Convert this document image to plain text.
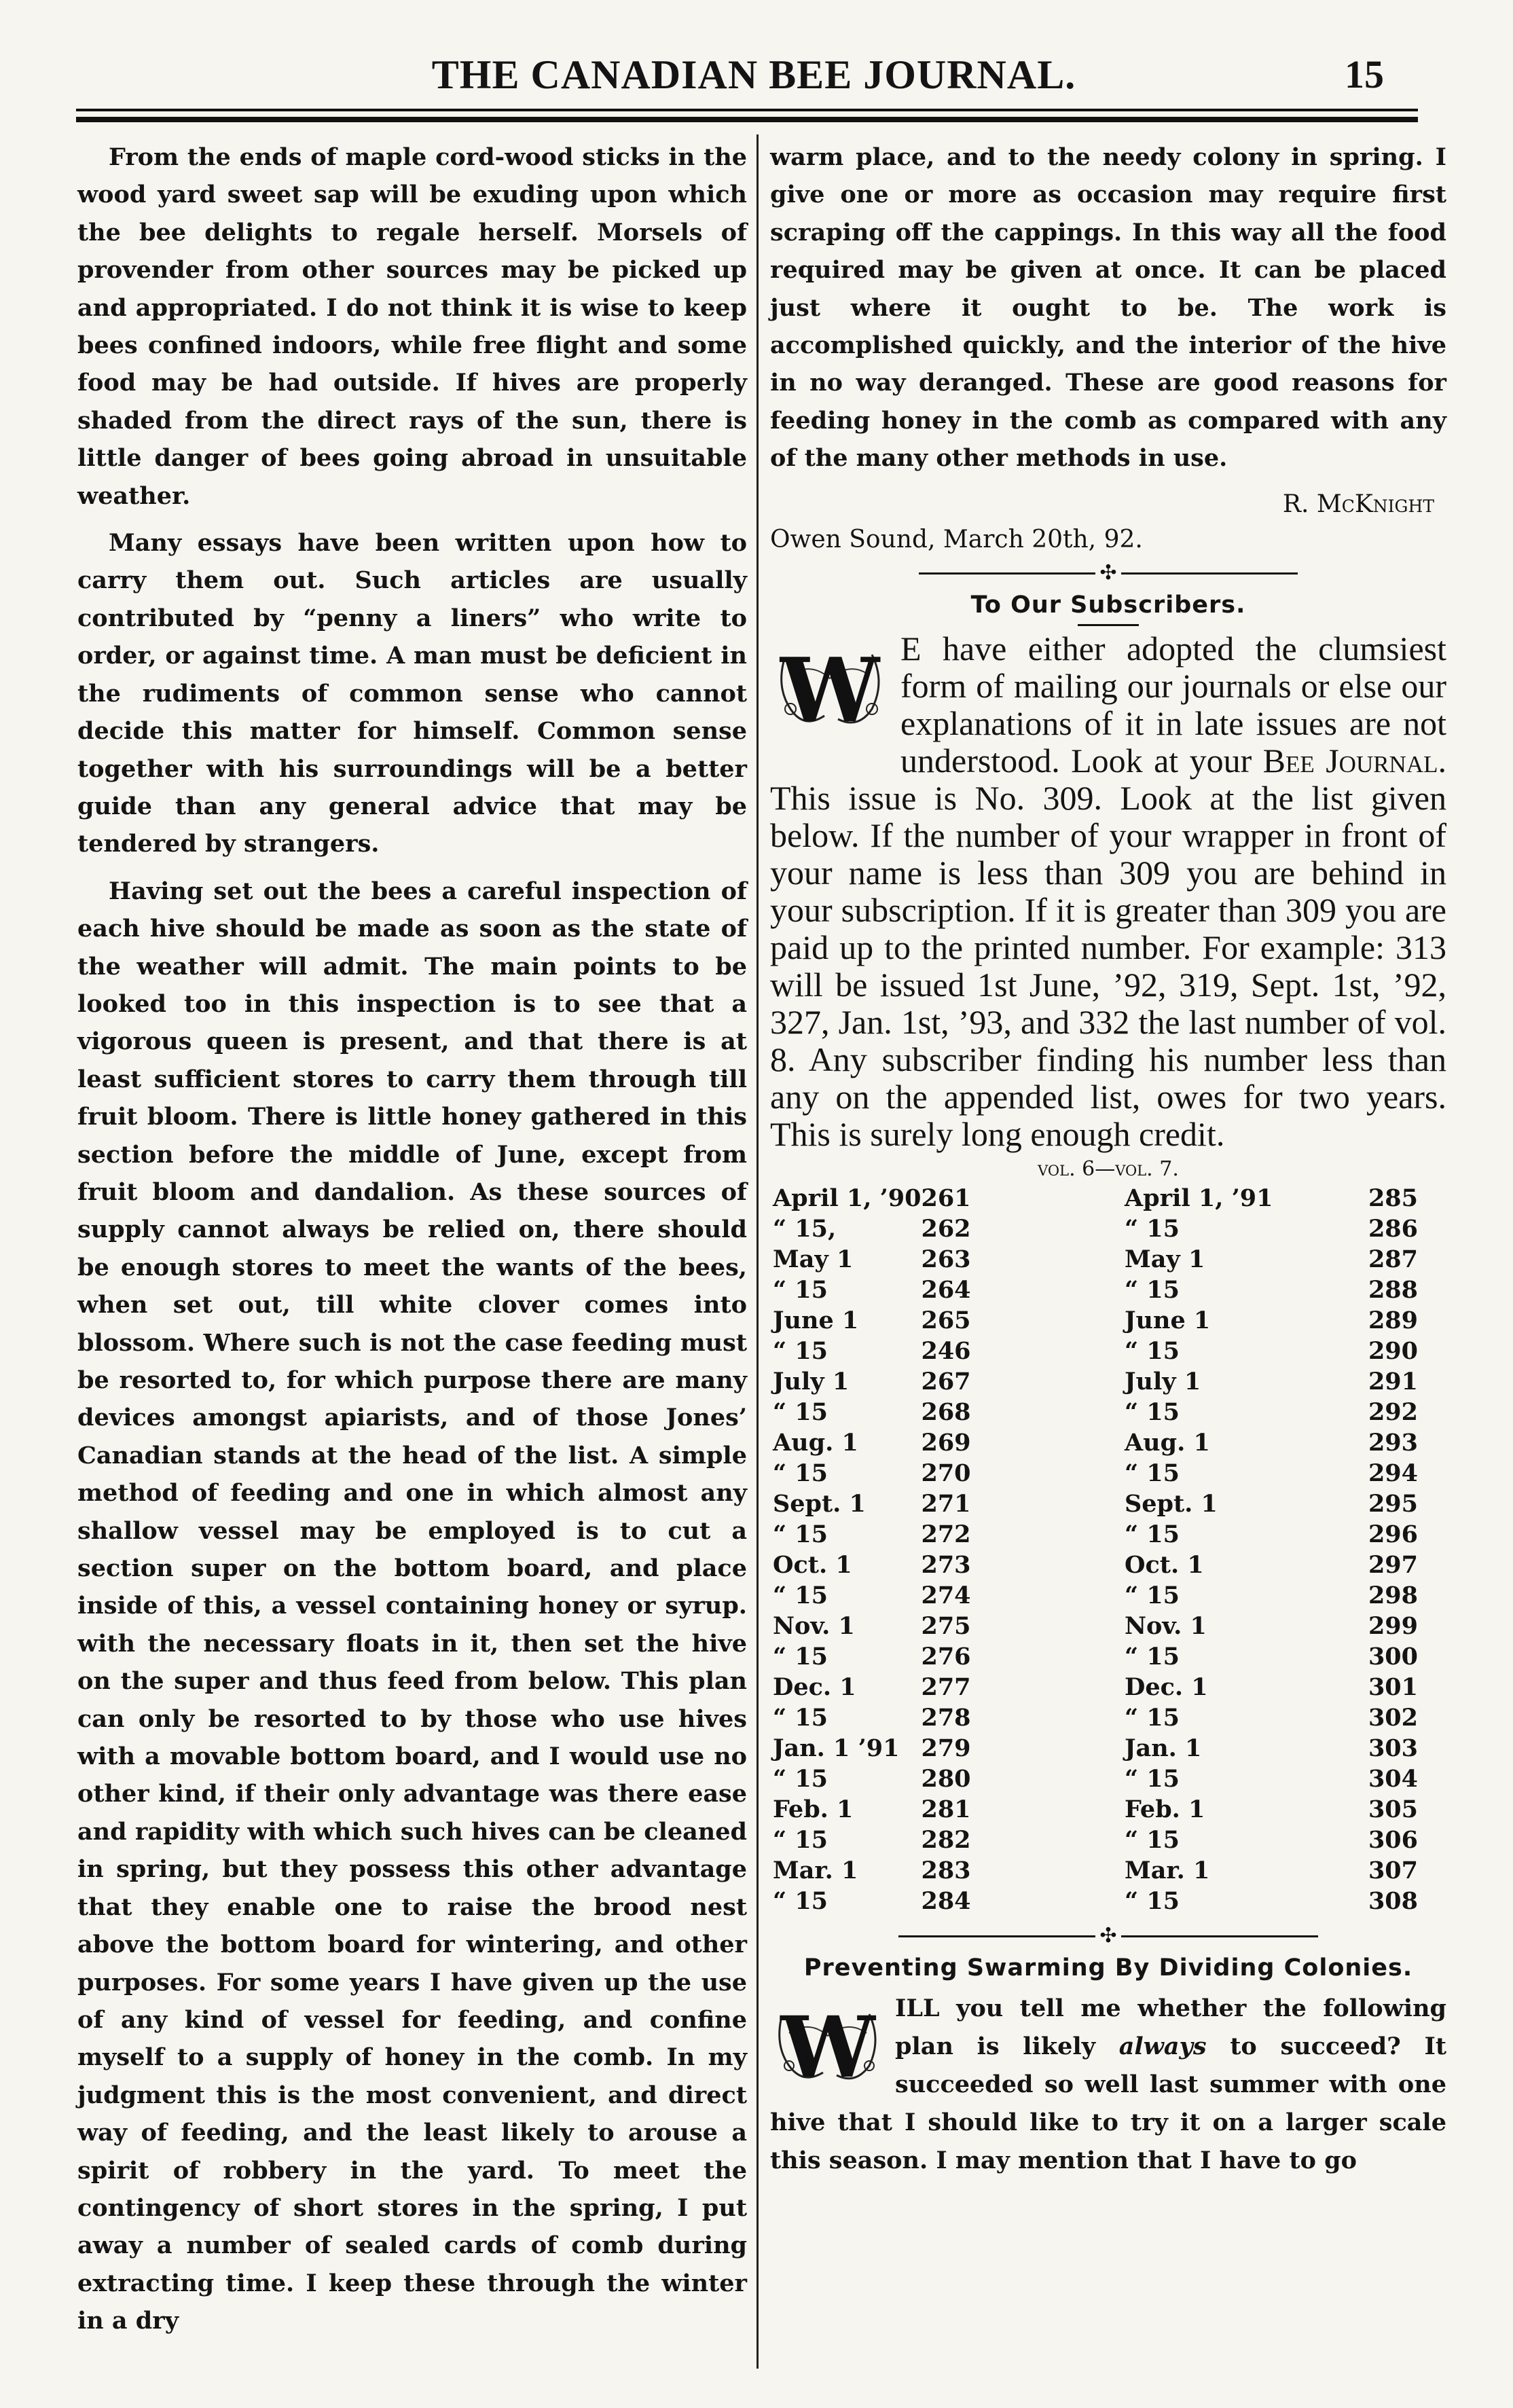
THE CANADIAN BEE JOURNAL.	15

From the ends of maple cord-wood sticks in the wood yard sweet sap will be exuding upon which the bee delights to regale herself. Morsels of provender from other sources may be picked up and appropriated. I do not think it is wise to keep bees confined indoors, while free flight and some food may be had outside. If hives are properly shaded from the direct rays of the sun, there is little danger of bees going abroad in unsuitable weather.

Many essays have been written upon how to carry them out. Such articles are usually contributed by “penny a liners” who write to order, or against time. A man must be deficient in the rudiments of common sense who cannot decide this matter for himself. Common sense together with his surroundings will be a better guide than any general advice that may be tendered by strangers.

Having set out the bees a careful inspection of each hive should be made as soon as the state of the weather will admit. The main points to be looked too in this inspection is to see that a vigorous queen is present, and that there is at least sufficient stores to carry them through till fruit bloom. There is little honey gathered in this section before the middle of June, except from fruit bloom and dandalion. As these sources of supply cannot always be relied on, there should be enough stores to meet the wants of the bees, when set out, till white clover comes into blossom. Where such is not the case feeding must be resorted to, for which purpose there are many devices amongst apiarists, and of those Jones’ Canadian stands at the head of the list. A simple method of feeding and one in which almost any shallow vessel may be employed is to cut a section super on the bottom board, and place inside of this, a vessel containing honey or syrup. with the necessary floats in it, then set the hive on the super and thus feed from below. This plan can only be resorted to by those who use hives with a movable bottom board, and I would use no other kind, if their only advantage was there ease and rapidity with which such hives can be cleaned in spring, but they possess this other advantage that they enable one to raise the brood nest above the bottom board for wintering, and other purposes. For some years I have given up the use of any kind of vessel for feeding, and confine myself to a supply of honey in the comb. In my judgment this is the most convenient, and direct way of feeding, and the least likely to arouse a spirit of robbery in the yard. To meet the contingency of short stores in the spring, I put away a number of sealed cards of comb during extracting time. I keep these through the winter in a dry

warm place, and to the needy colony in spring. I give one or more as occasion may require first scraping off the cappings. In this way all the food required may be given at once. It can be placed just where it ought to be. The work is accomplished quickly, and the interior of the hive in no way deranged. These are good reasons for feeding honey in the comb as compared with any of the many other methods in use.

R. McKnight

Owen Sound, March 20th, 92.

✣
To Our Subscribers.
W E have either adopted the clumsiest form of mailing our journals or else our explanations of it in late issues are not understood. Look at your Bee Journal. This issue is No. 309. Look at the list given below. If the number of your wrapper in front of your name is less than 309 you are behind in your subscription. If it is greater than 309 you are paid up to the printed number. For example: 313 will be issued 1st June, ’92, 319, Sept. 1st, ’92, 327, Jan. 1st, ’93, and 332 the last number of vol. 8. Any subscriber finding his number less than any on the appended list, owes for two years. This is surely long enough credit.

vol. 6—vol. 7.
April 1, ’90	261	April 1, ’91	285
“ 15,	262	“ 15	286
May 1	263	May 1	287
“ 15	264	“ 15	288
June 1	265	June 1	289
“ 15	246	“ 15	290
July 1	267	July 1	291
“ 15	268	“ 15	292
Aug. 1	269	Aug. 1	293
“ 15	270	“ 15	294
Sept. 1	271	Sept. 1	295
“ 15	272	“ 15	296
Oct. 1	273	Oct. 1	297
“ 15	274	“ 15	298
Nov. 1	275	Nov. 1	299
“ 15	276	“ 15	300
Dec. 1	277	Dec. 1	301
“ 15	278	“ 15	302
Jan. 1 ’91	279	Jan. 1	303
“ 15	280	“ 15	304
Feb. 1	281	Feb. 1	305
“ 15	282	“ 15	306
Mar. 1	283	Mar. 1	307
“ 15	284	“ 15	308
✣
Preventing Swarming By Dividing Colonies.
W ILL you tell me whether the following plan is likely always to succeed? It succeeded so well last summer with one hive that I should like to try it on a larger scale this season. I may mention that I have to go
